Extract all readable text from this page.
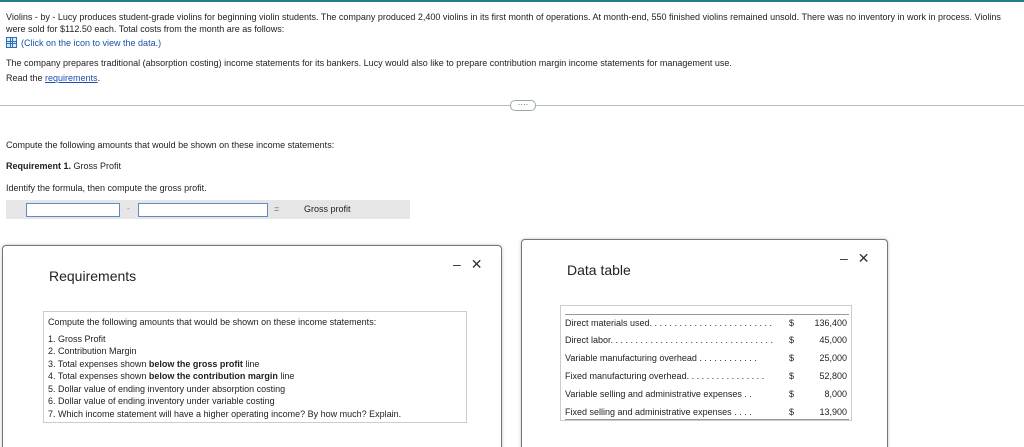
Violins - by - Lucy produces student-grade violins for beginning violin students. The company produced 2,400 violins in its first month of operations. At month-end, 550 finished violins remained unsold. There was no inventory in work in process. Violins were sold for $112.50 each. Total costs from the month are as follows:
(Click on the icon to view the data.)
The company prepares traditional (absorption costing) income statements for its bankers. Lucy would also like to prepare contribution margin income statements for management use.
Read the requirements.
····
Compute the following amounts that would be shown on these income statements:
Requirement 1. Gross Profit
Identify the formula, then compute the gross profit.
-	=	Gross profit
Requirements
– ✕
Compute the following amounts that would be shown on these income statements:
1. Gross Profit
2. Contribution Margin
3. Total expenses shown below the gross profit line
4. Total expenses shown below the contribution margin line
5. Dollar value of ending inventory under absorption costing
6. Dollar value of ending inventory under variable costing
7. Which income statement will have a higher operating income? By how much? Explain.
Data table
– ✕
Direct materials used. . . . . . . . . . . . . . . . . . . . . . . . . $ 136,400
Direct labor. . . . . . . . . . . . . . . . . . . . . . . . . . . . . . . . . $	45,000
Variable manufacturing overhead . . . . . . . . . . . .	$	25,000
Fixed manufacturing overhead. . . . . . . . . . . . . . . .	$	52,800
Variable selling and administrative expenses . .	$	8,000
Fixed selling and administrative expenses . . . .	$	13,900
